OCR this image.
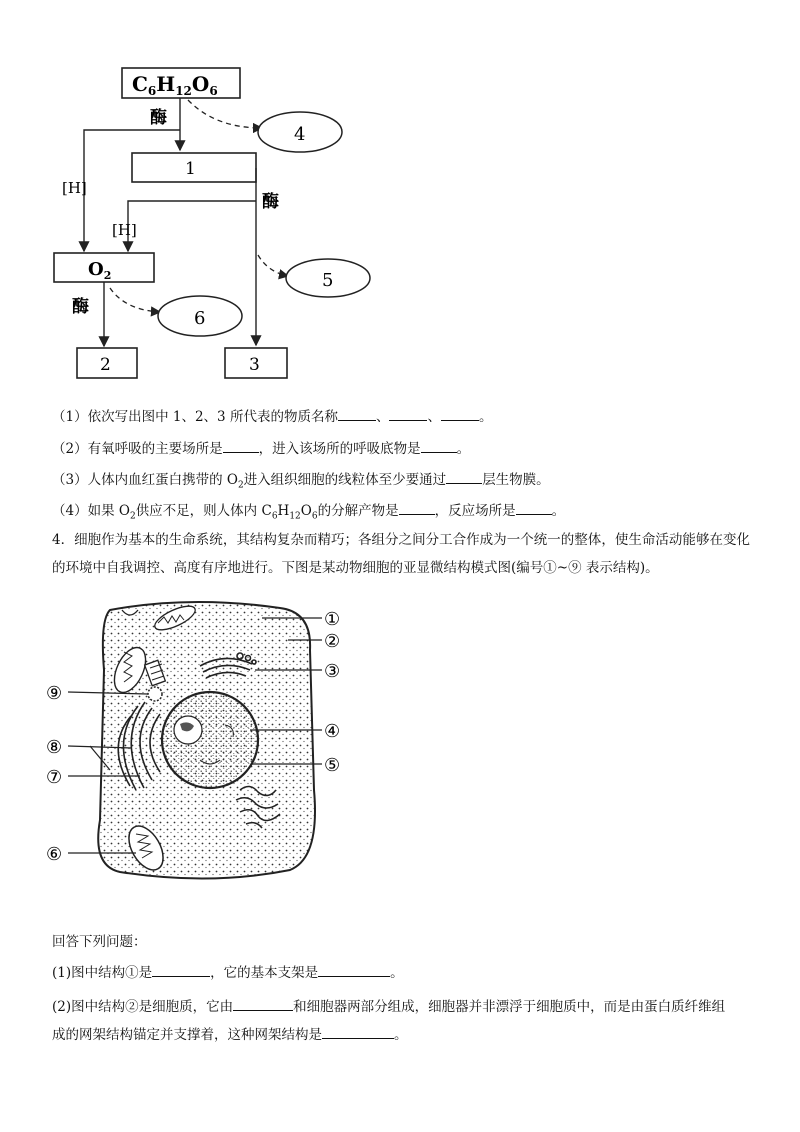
$C_6H_{12}O_6$
酶
4
1
[H]
酶
[H]
5
$O_2$
酶
6
2	3
（1）依次写出图中 1、2、3 所代表的物质名称	、	、	。
（2）有氧呼吸的主要场所是	，进入该场所的呼吸底物是	。
（3）人体内血红蛋白携带的 $O_2$进入组织细胞的线粒体至少要通过	层生物膜。
（4）如果 $O_2$供应不足，则人体内 $C_6H_{12}O_6$的分解产物是	，反应场所是	。
4．细胞作为基本的生命系统，其结构复杂而精巧；各组分之间分工合作成为一个统一的整体，使生命活动能够在变化的环境中自我调控、高度有序地进行。下图是某动物细胞的亚显微结构模式图(编号①~⑨ 表示结构)。
①
②
③
④
⑤
⑥
⑦
⑧
⑨
回答下列问题：
(1)图中结构①是	，它的基本支架是	。
(2)图中结构②是细胞质，它由	和细胞器两部分组成，细胞器并非漂浮于细胞质中，而是由蛋白质纤维组
成的网架结构锚定并支撑着，这种网架结构是	。
